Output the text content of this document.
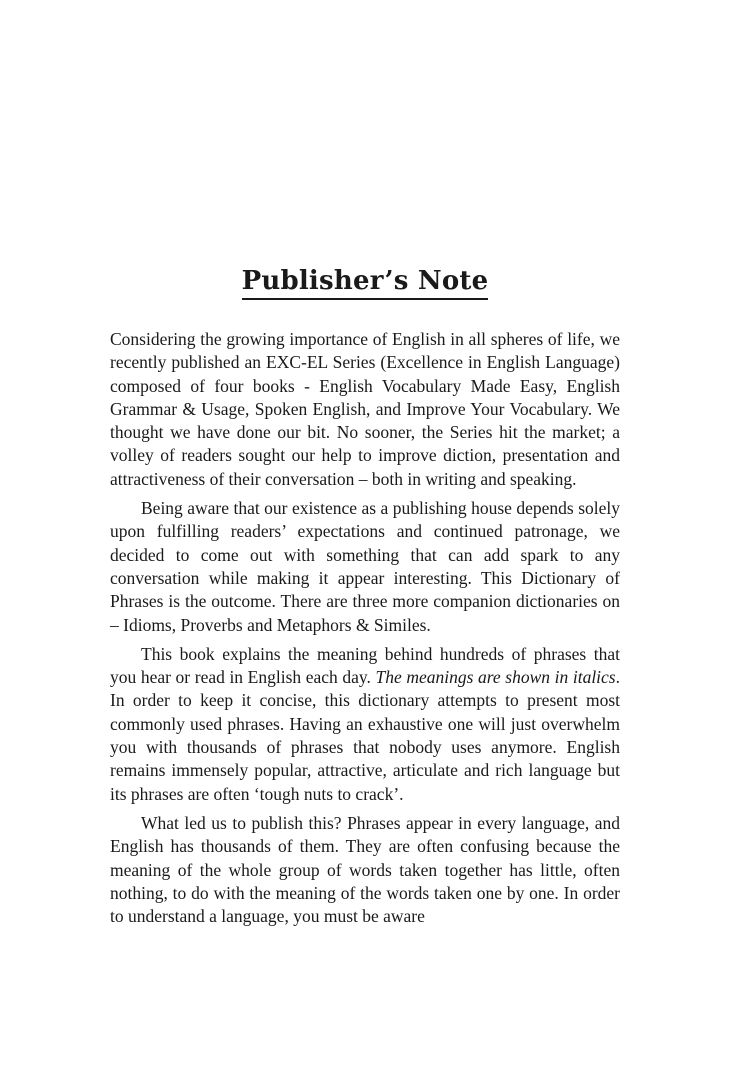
Publisher’s Note

Considering the growing importance of English in all spheres of life, we recently published an EXC-EL Series (Excellence in English Language) composed of four books - English Vocabulary Made Easy, English Grammar & Usage, Spoken English, and Improve Your Vocabulary. We thought we have done our bit. No sooner, the Series hit the market; a volley of readers sought our help to improve diction, presentation and attractiveness of their conversation – both in writing and speaking.

Being aware that our existence as a publishing house depends solely upon fulfilling readers’ expectations and continued patronage, we decided to come out with something that can add spark to any conversation while making it appear interesting. This Dictionary of Phrases is the outcome. There are three more companion dictionaries on – Idioms, Proverbs and Metaphors & Similes.

This book explains the meaning behind hundreds of phrases that you hear or read in English each day. The meanings are shown in italics. In order to keep it concise, this dictionary attempts to present most commonly used phrases. Having an exhaustive one will just overwhelm you with thousands of phrases that nobody uses anymore. English remains immensely popular, attractive, articulate and rich language but its phrases are often ‘tough nuts to crack’.

What led us to publish this? Phrases appear in every language, and English has thousands of them. They are often confusing because the meaning of the whole group of words taken together has little, often nothing, to do with the meaning of the words taken one by one. In order to understand a language, you must be aware
